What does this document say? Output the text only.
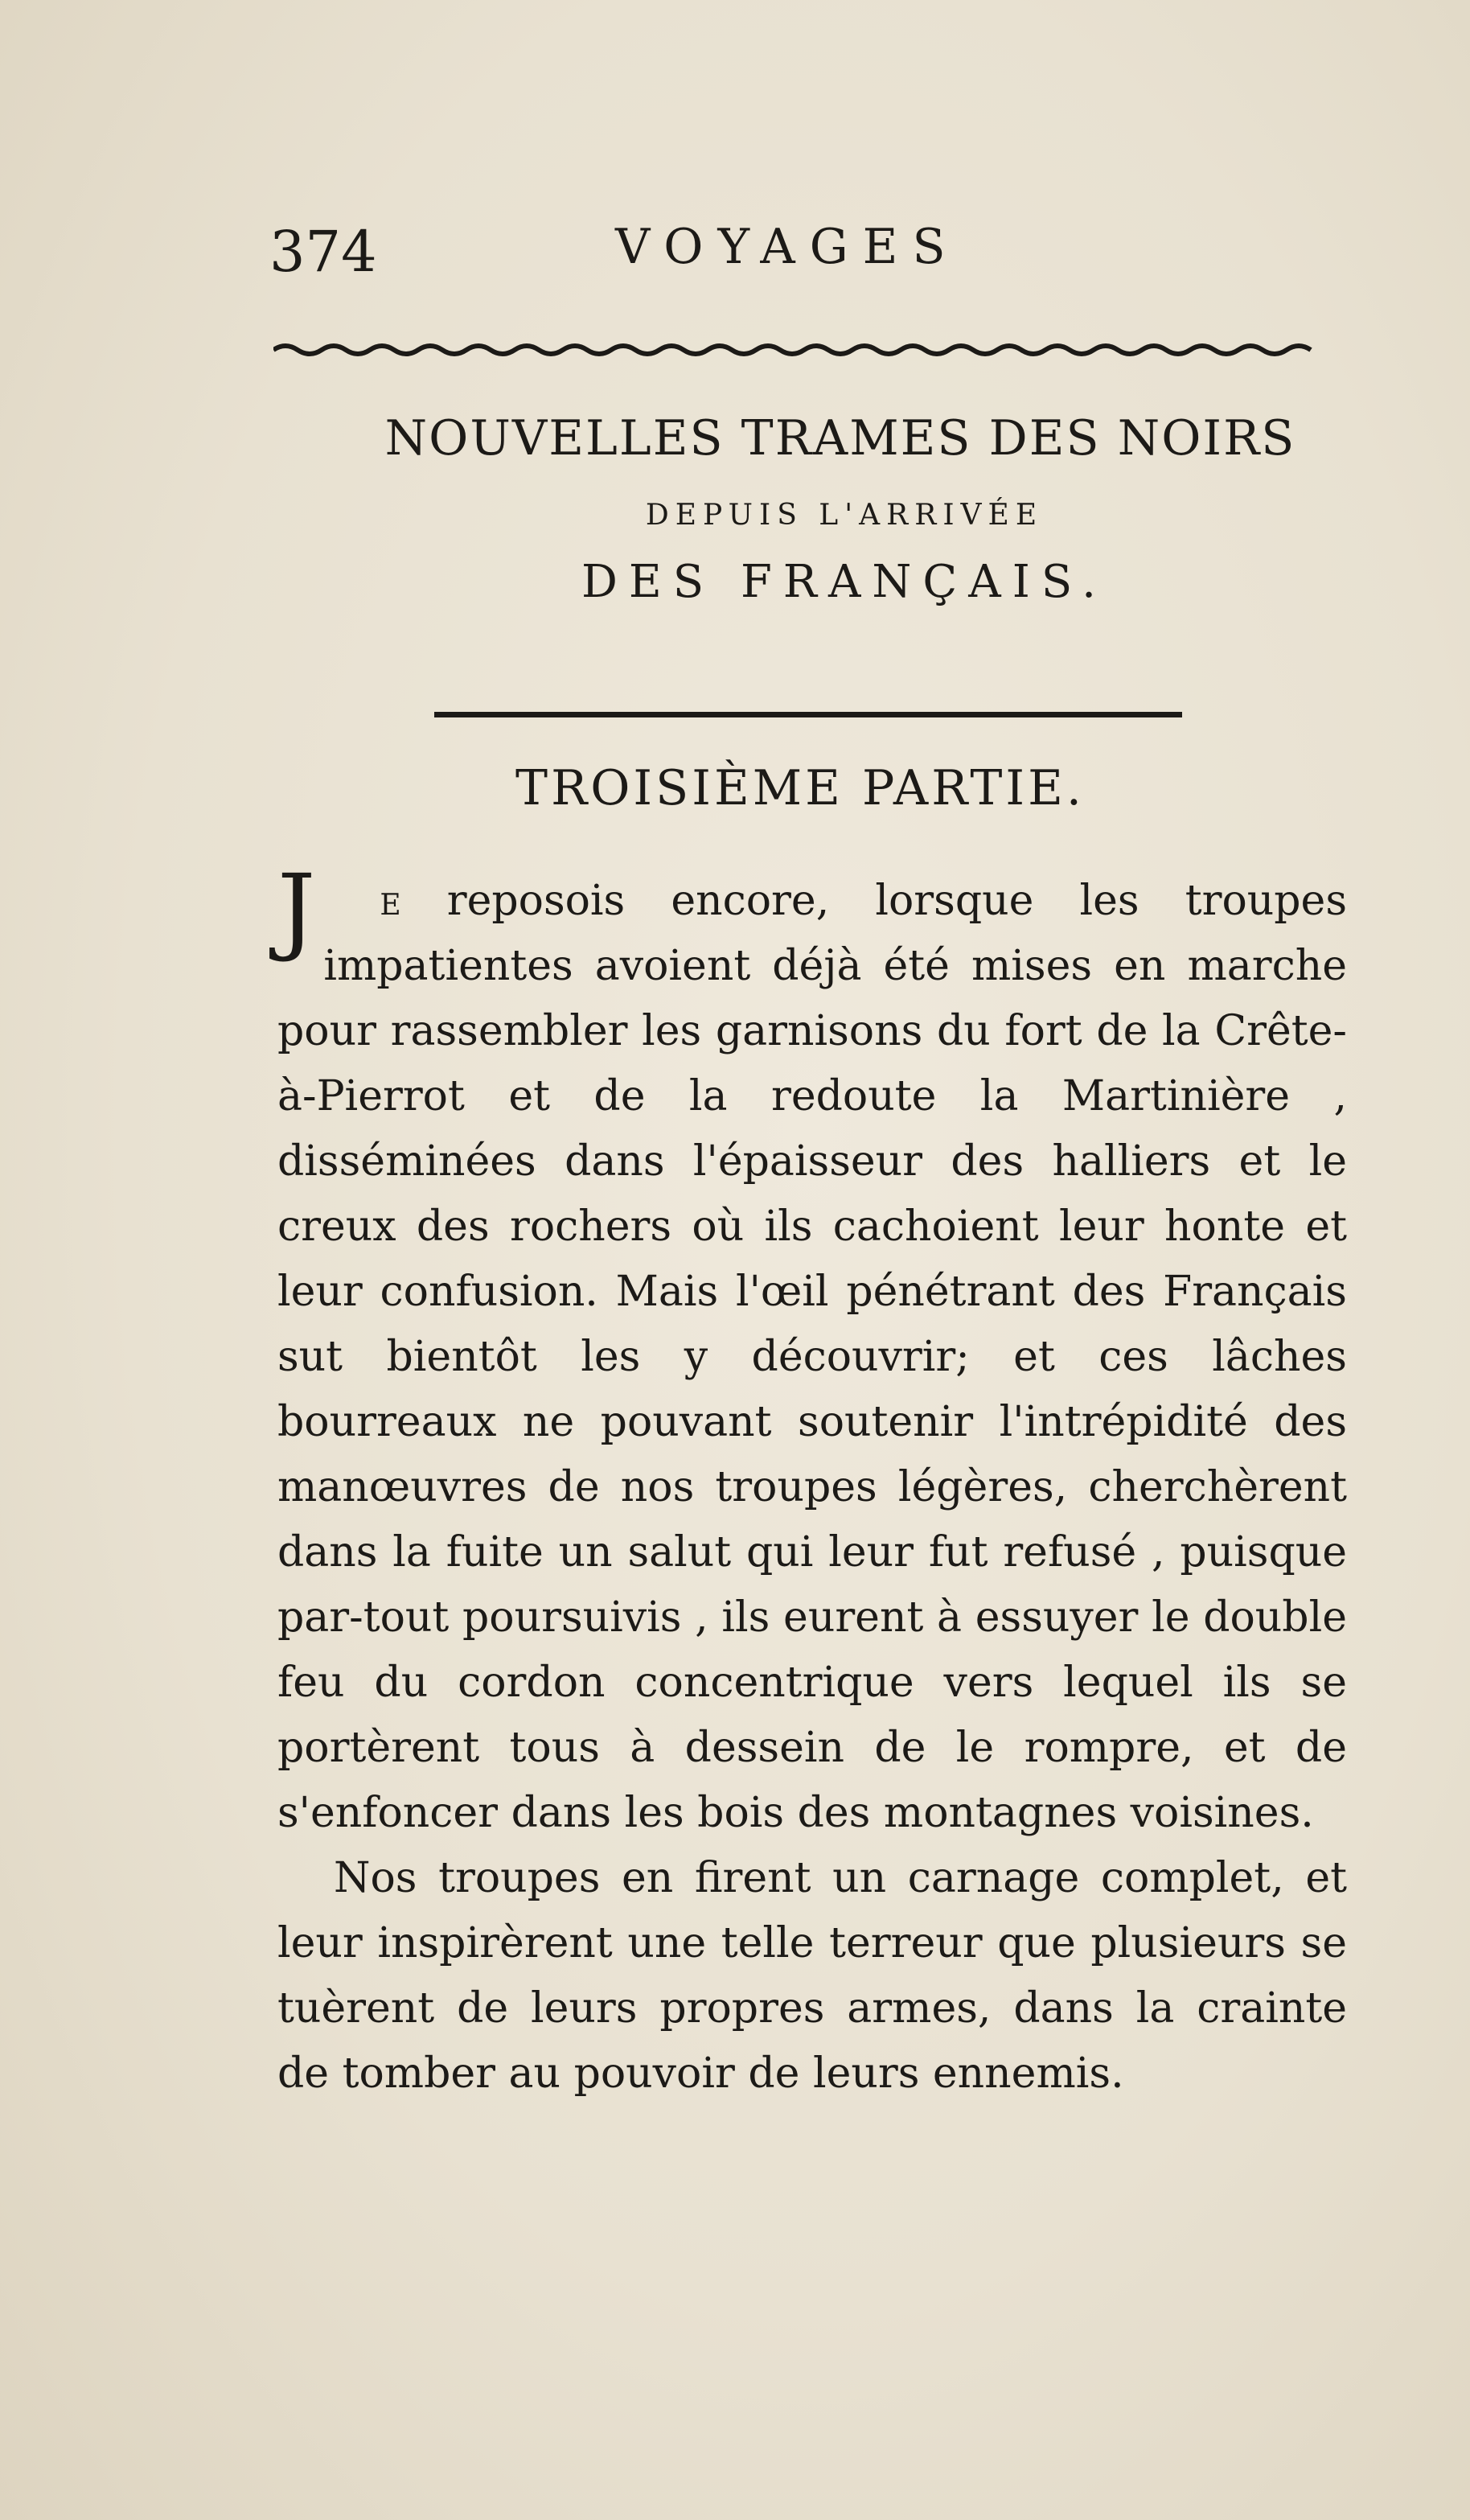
374	VOYAGES
NOUVELLES TRAMES DES NOIRS
DEPUIS L'ARRIVÉE
DES FRANÇAIS.
TROISIÈME PARTIE.

J e reposois encore, lorsque les troupes impatientes avoient déjà été mises en marche pour rassembler les garnisons du fort de la Crête-à-Pierrot et de la redoute la Martinière , disséminées dans l'épaisseur des halliers et le creux des rochers où ils cachoient leur honte et leur confusion. Mais l'œil pénétrant des Français sut bientôt les y découvrir; et ces lâches bourreaux ne pouvant soutenir l'intrépidité des manœuvres de nos troupes légères, cherchèrent dans la fuite un salut qui leur fut refusé , puisque par-tout poursuivis , ils eurent à essuyer le double feu du cordon concentrique vers lequel ils se portèrent tous à dessein de le rompre, et de s'enfoncer dans les bois des montagnes voisines.

Nos troupes en firent un carnage complet, et leur inspirèrent une telle terreur que plusieurs se tuèrent de leurs propres armes, dans la crainte de tomber au pouvoir de leurs ennemis.
